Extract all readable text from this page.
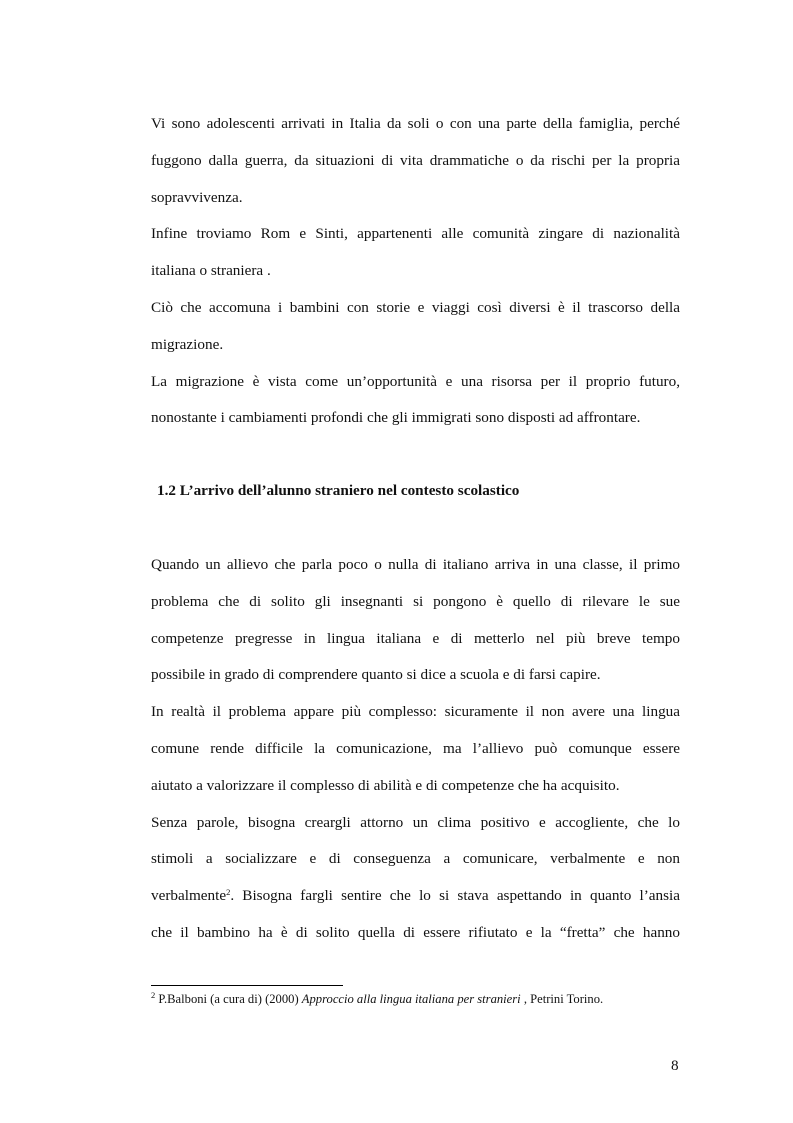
Vi sono adolescenti arrivati in Italia da soli o con una parte della famiglia, perché
fuggono dalla guerra, da situazioni di vita drammatiche o da rischi per la propria
sopravvivenza.
Infine troviamo Rom e Sinti, appartenenti alle comunità zingare di nazionalità
italiana o straniera .
Ciò che accomuna i bambini con storie e viaggi così diversi è il trascorso della
migrazione.
La migrazione è vista come un’opportunità e una risorsa per il proprio futuro,
nonostante i cambiamenti profondi che gli immigrati sono disposti ad affrontare.
1.2 L’arrivo dell’alunno straniero nel contesto scolastico
Quando un allievo che parla poco o nulla di italiano arriva in una classe, il primo
problema che di solito gli insegnanti si pongono è quello di rilevare le sue
competenze pregresse in lingua italiana e di metterlo nel più breve tempo
possibile in grado di comprendere quanto si dice a scuola e di farsi capire.
In realtà il problema appare più complesso: sicuramente il non avere una lingua
comune rende difficile la comunicazione, ma l’allievo può comunque essere
aiutato a valorizzare il complesso di abilità e di competenze che ha acquisito.
Senza parole, bisogna creargli attorno un clima positivo e accogliente, che lo
stimoli a socializzare e di conseguenza a comunicare, verbalmente e non
verbalmente$^2$. Bisogna fargli sentire che lo si stava aspettando in quanto l’ansia
che il bambino ha è di solito quella di essere rifiutato e la “fretta” che hanno
$^2$ P.Balboni (a cura di) (2000) Approccio alla lingua italiana per stranieri , Petrini Torino.
8
